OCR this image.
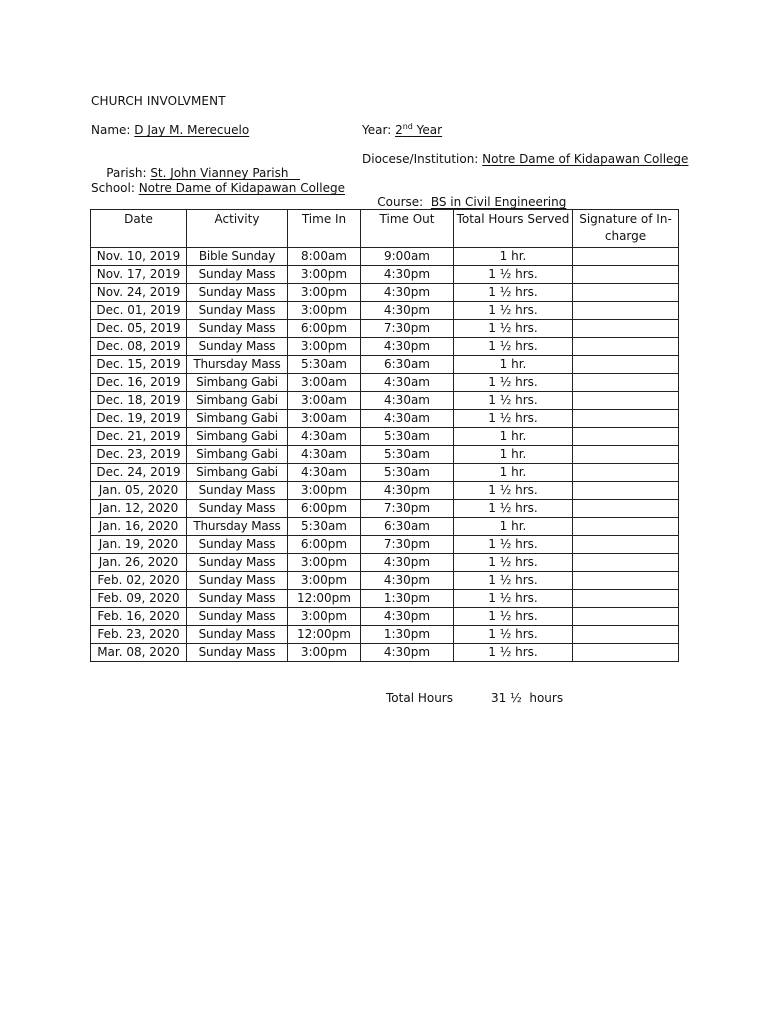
CHURCH INVOLVMENT
Name: D Jay M. Merecuelo	Year: 2nd Year

Parish: St. John Vianney Parish

Diocese/Institution: Notre Dame of Kidapawan College
School: Notre Dame of Kidapawan College

Course:  BS in Civil Engineering

Date	Activity	Time In	Time Out	Total Hours Served	Signature of In-charge
Nov. 10, 2019	Bible Sunday	8:00am	9:00am	1 hr.	
Nov. 17, 2019	Sunday Mass	3:00pm	4:30pm	1 ½ hrs.	
Nov. 24, 2019	Sunday Mass	3:00pm	4:30pm	1 ½ hrs.	
Dec. 01, 2019	Sunday Mass	3:00pm	4:30pm	1 ½ hrs.	
Dec. 05, 2019	Sunday Mass	6:00pm	7:30pm	1 ½ hrs.	
Dec. 08, 2019	Sunday Mass	3:00pm	4:30pm	1 ½ hrs.	
Dec. 15, 2019	Thursday Mass	5:30am	6:30am	1 hr.	
Dec. 16, 2019	Simbang Gabi	3:00am	4:30am	1 ½ hrs.	
Dec. 18, 2019	Simbang Gabi	3:00am	4:30am	1 ½ hrs.	
Dec. 19, 2019	Simbang Gabi	3:00am	4:30am	1 ½ hrs.	
Dec. 21, 2019	Simbang Gabi	4:30am	5:30am	1 hr.	
Dec. 23, 2019	Simbang Gabi	4:30am	5:30am	1 hr.	
Dec. 24, 2019	Simbang Gabi	4:30am	5:30am	1 hr.	
Jan. 05, 2020	Sunday Mass	3:00pm	4:30pm	1 ½ hrs.	
Jan. 12, 2020	Sunday Mass	6:00pm	7:30pm	1 ½ hrs.	
Jan. 16, 2020	Thursday Mass	5:30am	6:30am	1 hr.	
Jan. 19, 2020	Sunday Mass	6:00pm	7:30pm	1 ½ hrs.	
Jan. 26, 2020	Sunday Mass	3:00pm	4:30pm	1 ½ hrs.	
Feb. 02, 2020	Sunday Mass	3:00pm	4:30pm	1 ½ hrs.	
Feb. 09, 2020	Sunday Mass	12:00pm	1:30pm	1 ½ hrs.	
Feb. 16, 2020	Sunday Mass	3:00pm	4:30pm	1 ½ hrs.	
Feb. 23, 2020	Sunday Mass	12:00pm	1:30pm	1 ½ hrs.	
Mar. 08, 2020	Sunday Mass	3:00pm	4:30pm	1 ½ hrs.	
Total Hours	31 ½  hours
